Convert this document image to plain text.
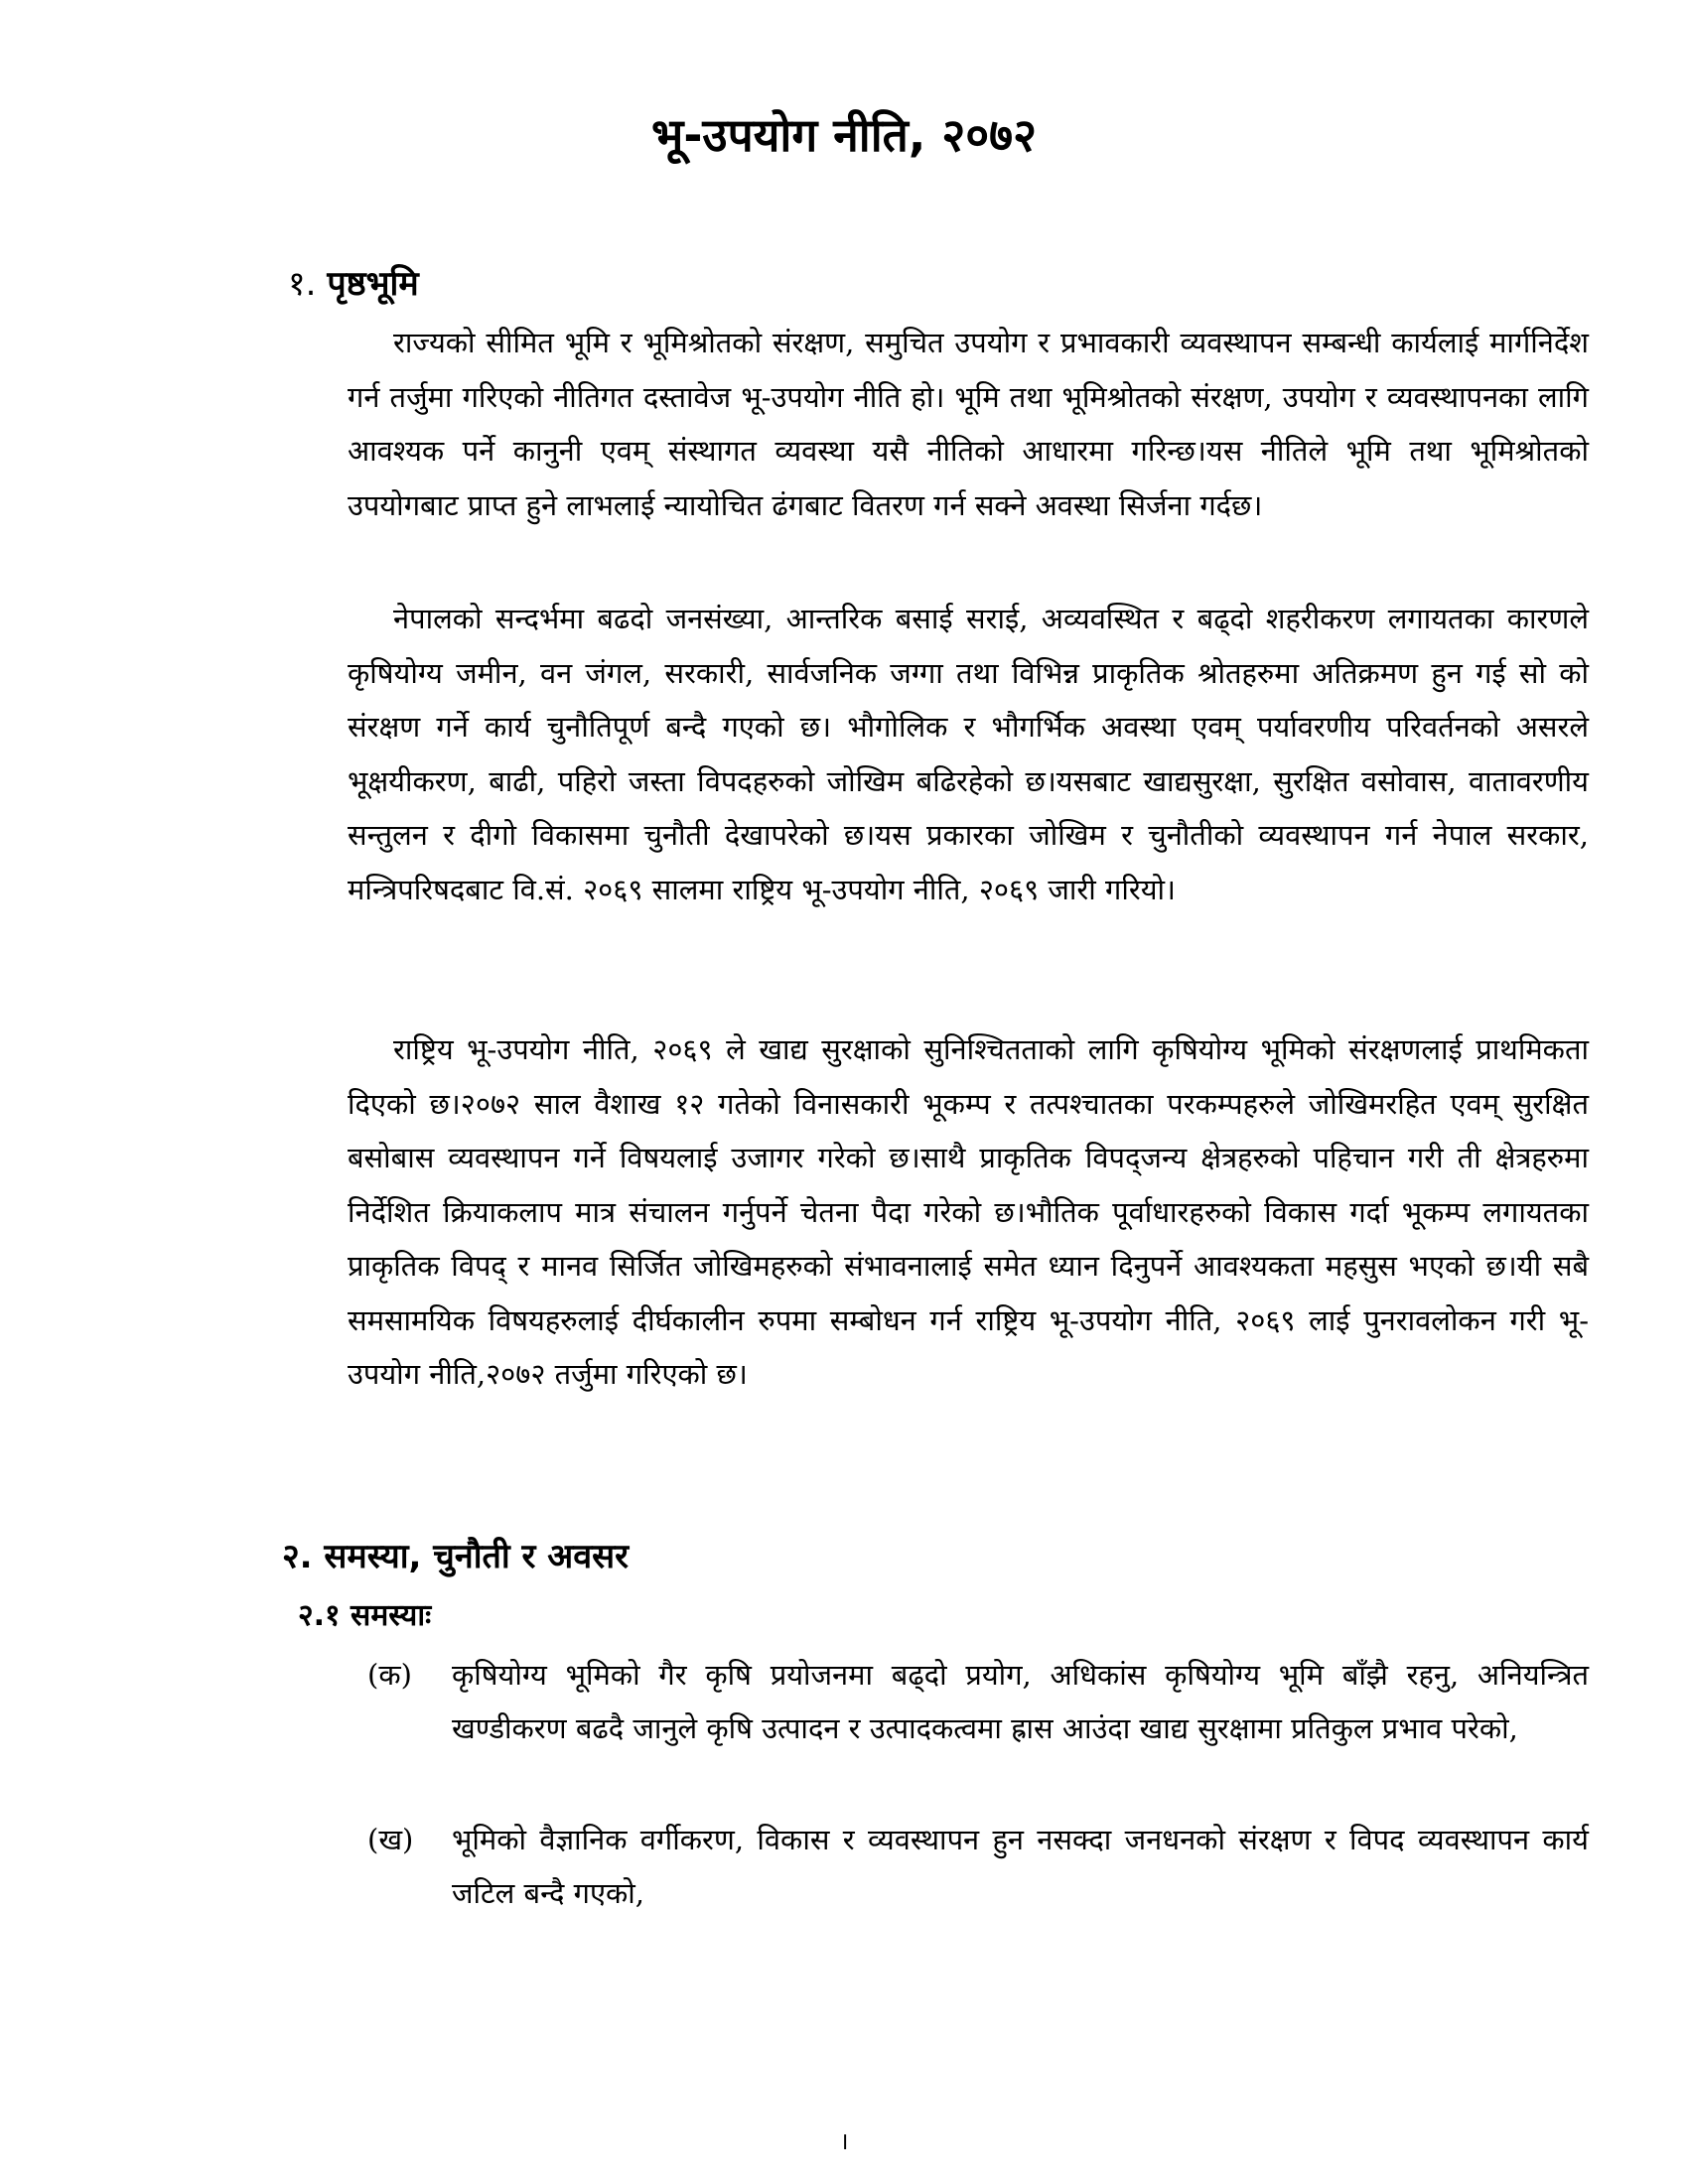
भू-उपयोग नीति, २०७२
१. पृष्ठभूमि

राज्यको सीमित भूमि र भूमिश्रोतको संरक्षण, समुचित उपयोग र प्रभावकारी व्यवस्थापन सम्बन्धी कार्यलाई मार्गनिर्देश गर्न तर्जुमा गरिएको नीतिगत दस्तावेज भू-उपयोग नीति हो। भूमि तथा भूमिश्रोतको संरक्षण, उपयोग र व्यवस्थापनका लागि आवश्यक पर्ने कानुनी एवम् संस्थागत व्यवस्था यसै नीतिको आधारमा गरिन्छ।यस नीतिले भूमि तथा भूमिश्रोतको उपयोगबाट प्राप्त हुने लाभलाई न्यायोचित ढंगबाट वितरण गर्न सक्ने अवस्था सिर्जना गर्दछ।

नेपालको सन्दर्भमा बढदो जनसंख्या, आन्तरिक बसाई सराई, अव्यवस्थित र बढ्दो शहरीकरण लगायतका कारणले कृषियोग्य जमीन, वन जंगल, सरकारी, सार्वजनिक जग्गा तथा विभिन्न प्राकृतिक श्रोतहरुमा अतिक्रमण हुन गई सो को संरक्षण गर्ने कार्य चुनौतिपूर्ण बन्दै गएको छ। भौगोलिक र भौगर्भिक अवस्था एवम् पर्यावरणीय परिवर्तनको असरले भूक्षयीकरण, बाढी, पहिरो जस्ता विपदहरुको जोखिम बढिरहेको छ।यसबाट खाद्यसुरक्षा, सुरक्षित वसोवास, वातावरणीय सन्तुलन र दीगो विकासमा चुनौती देखापरेको छ।यस प्रकारका जोखिम र चुनौतीको व्यवस्थापन गर्न नेपाल सरकार, मन्त्रिपरिषदबाट वि.सं. २०६९ सालमा राष्ट्रिय भू-उपयोग नीति, २०६९ जारी गरियो।

राष्ट्रिय भू-उपयोग नीति, २०६९ ले खाद्य सुरक्षाको सुनिश्चितताको लागि कृषियोग्य भूमिको संरक्षणलाई प्राथमिकता दिएको छ।२०७२ साल वैशाख १२ गतेको विनासकारी भूकम्प र तत्पश्चातका परकम्पहरुले जोखिमरहित एवम् सुरक्षित बसोबास व्यवस्थापन गर्ने विषयलाई उजागर गरेको छ।साथै प्राकृतिक विपद्जन्य क्षेत्रहरुको पहिचान गरी ती क्षेत्रहरुमा निर्देशित क्रियाकलाप मात्र संचालन गर्नुपर्ने चेतना पैदा गरेको छ।भौतिक पूर्वाधारहरुको विकास गर्दा भूकम्प लगायतका प्राकृतिक विपद् र मानव सिर्जित जोखिमहरुको संभावनालाई समेत ध्यान दिनुपर्ने आवश्यकता महसुस भएको छ।यी सबै समसामयिक विषयहरुलाई दीर्घकालीन रुपमा सम्बोधन गर्न राष्ट्रिय भू-उपयोग नीति, २०६९ लाई पुनरावलोकन गरी भू-उपयोग नीति,२०७२ तर्जुमा गरिएको छ।

२. समस्या, चुनौती र अवसर
२.१ समस्याः
(क)	कृषियोग्य भूमिको गैर कृषि प्रयोजनमा बढ्दो प्रयोग, अधिकांस कृषियोग्य भूमि बाँझै रहनु, अनियन्त्रित खण्डीकरण बढदै जानुले कृषि उत्पादन र उत्पादकत्वमा ह्रास आउंदा खाद्य सुरक्षामा प्रतिकुल प्रभाव परेको,
(ख)	भूमिको वैज्ञानिक वर्गीकरण, विकास र व्यवस्थापन हुन नसक्दा जनधनको संरक्षण र विपद व्यवस्थापन कार्य जटिल बन्दै गएको,
।
